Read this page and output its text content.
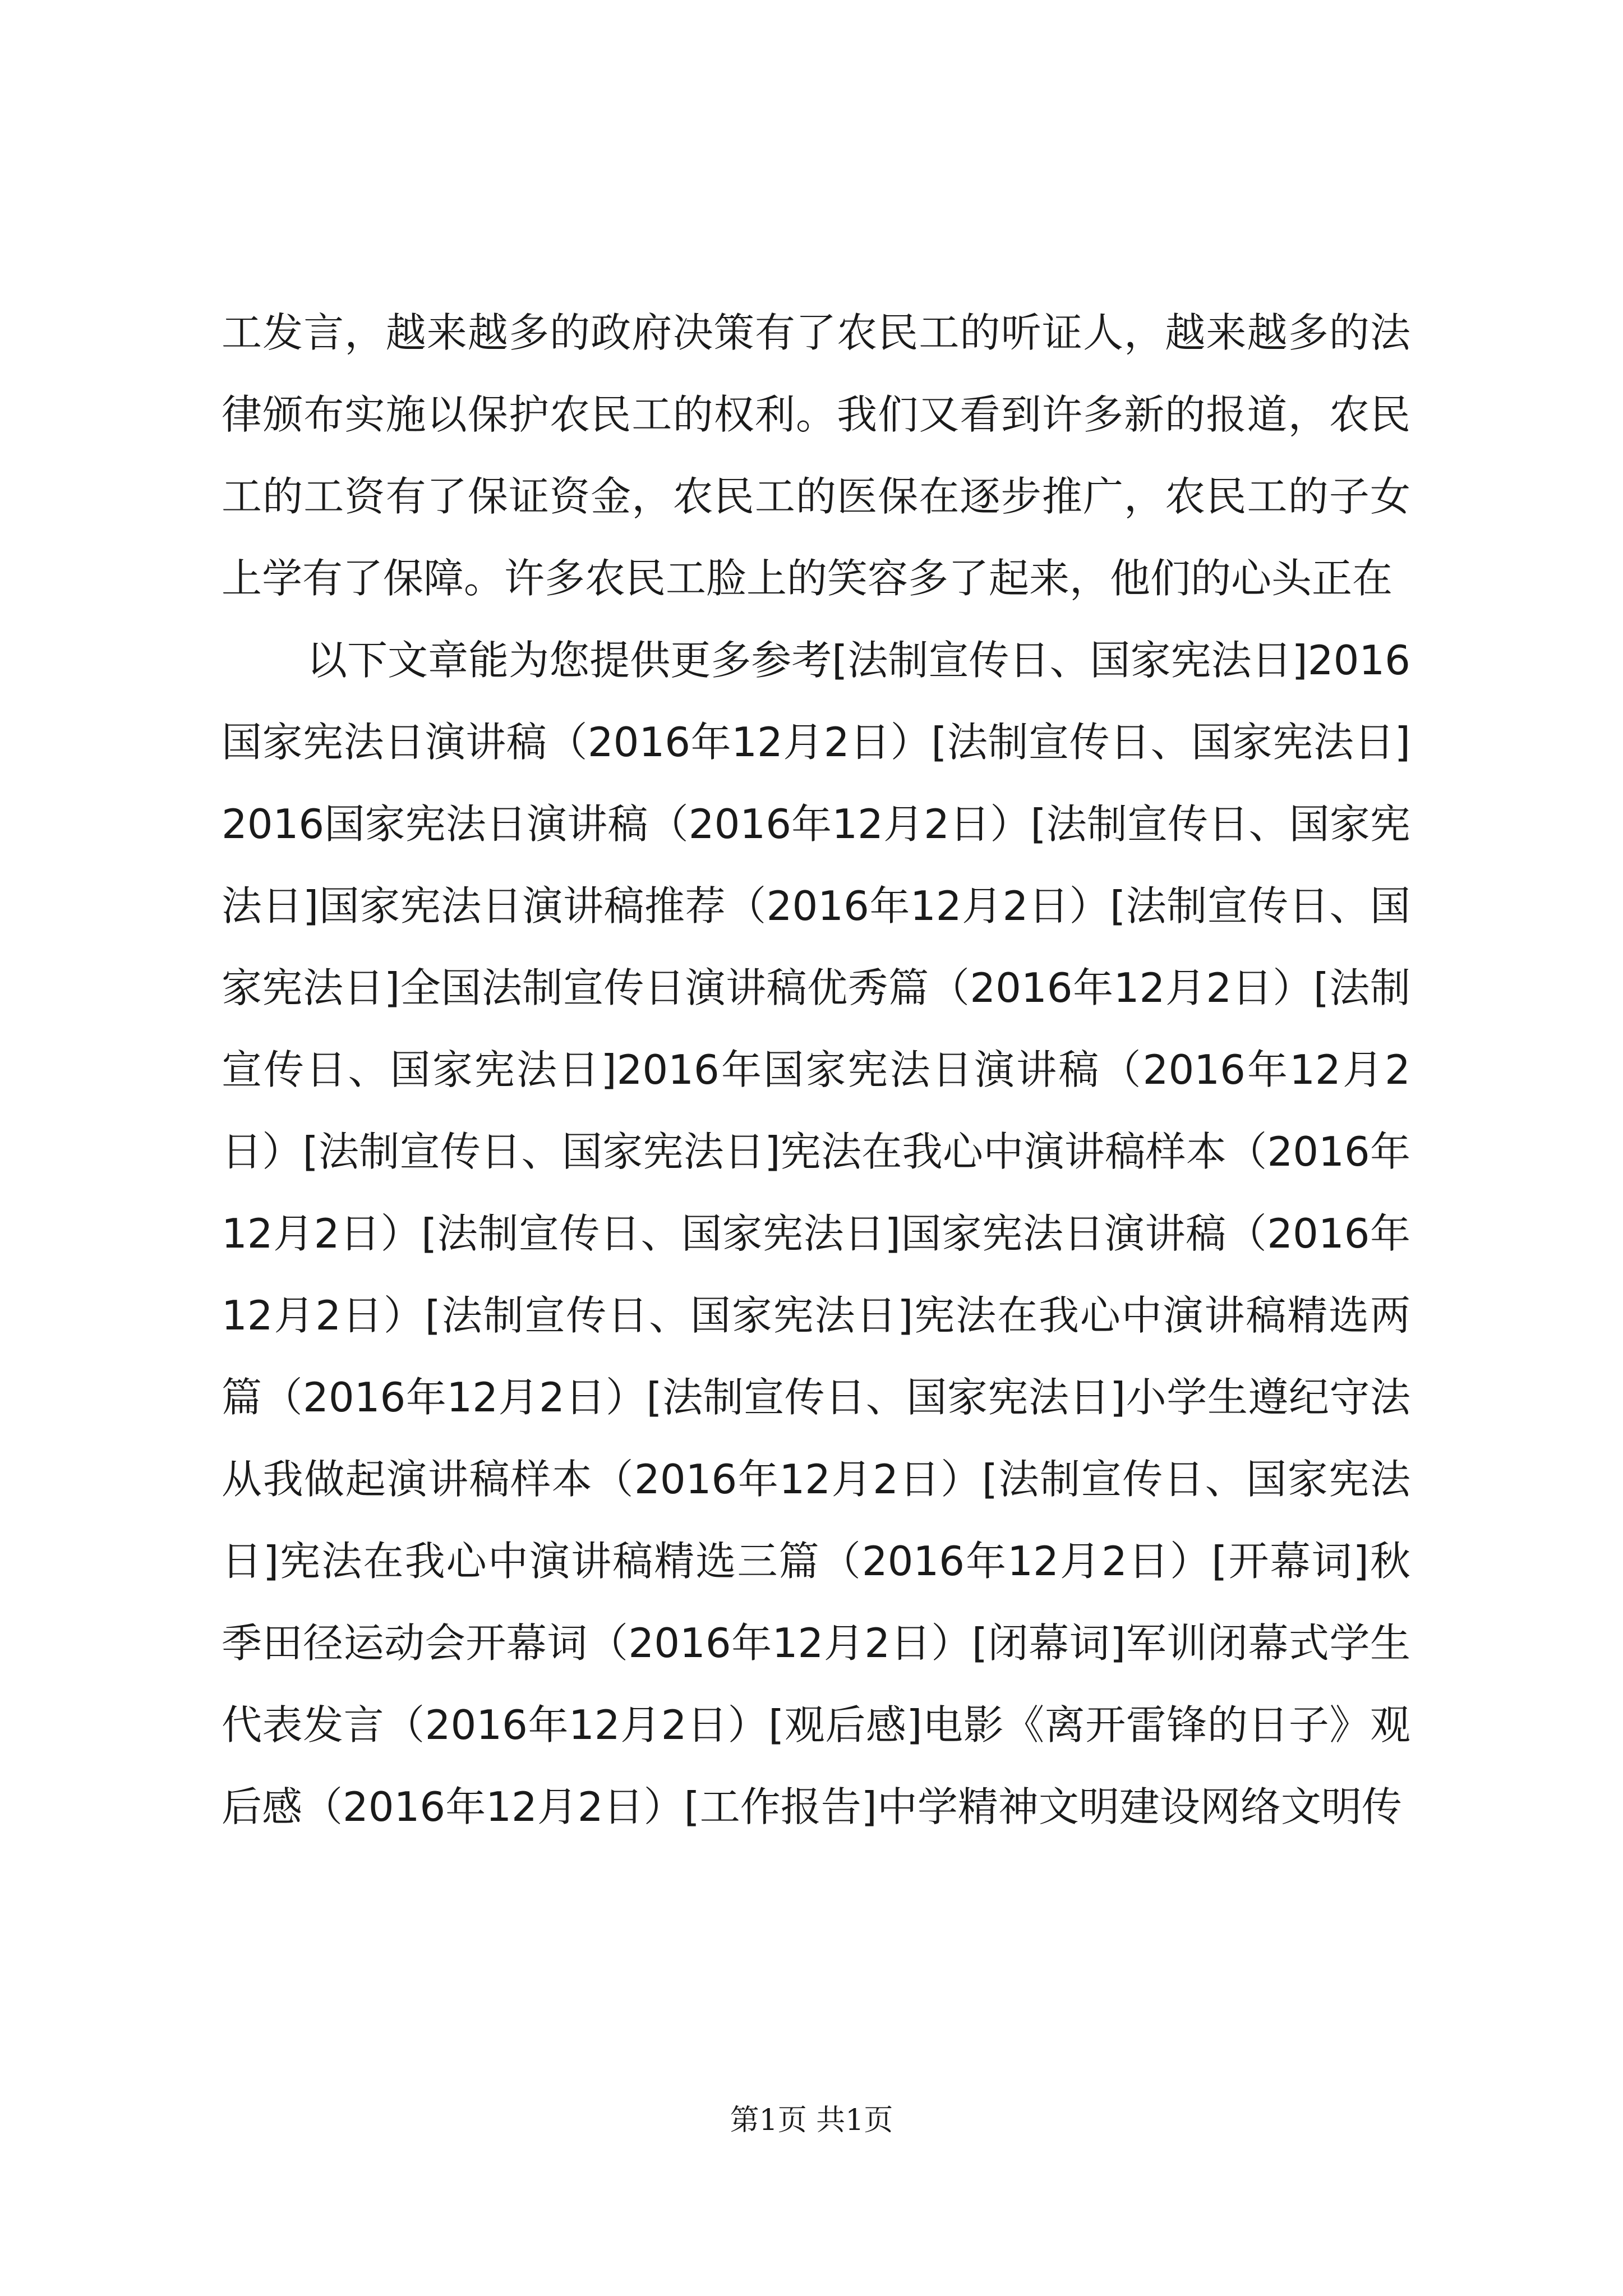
工发言，越来越多的政府决策有了农民工的听证人，越来越多的法律颁布实施以保护农民工的权利。我们又看到许多新的报道，农民工的工资有了保证资金，农民工的医保在逐步推广，农民工的子女上学有了保障。许多农民工脸上的笑容多了起来，他们的心头正在

以下文章能为您提供更多参考[法制宣传日、国家宪法日]2016国家宪法日演讲稿（2016年12月2日）[法制宣传日、国家宪法日]2016国家宪法日演讲稿（2016年12月2日）[法制宣传日、国家宪法日]国家宪法日演讲稿推荐（2016年12月2日）[法制宣传日、国家宪法日]全国法制宣传日演讲稿优秀篇（2016年12月2日）[法制宣传日、国家宪法日]2016年国家宪法日演讲稿（2016年12月2日）[法制宣传日、国家宪法日]宪法在我心中演讲稿样本（2016年12月2日）[法制宣传日、国家宪法日]国家宪法日演讲稿（2016年12月2日）[法制宣传日、国家宪法日]宪法在我心中演讲稿精选两篇（2016年12月2日）[法制宣传日、国家宪法日]小学生遵纪守法从我做起演讲稿样本（2016年12月2日）[法制宣传日、国家宪法日]宪法在我心中演讲稿精选三篇（2016年12月2日）[开幕词]秋季田径运动会开幕词（2016年12月2日）[闭幕词]军训闭幕式学生代表发言（2016年12月2日）[观后感]电影《离开雷锋的日子》观后感（2016年12月2日）[工作报告]中学精神文明建设网络文明传

第1页 共1页
